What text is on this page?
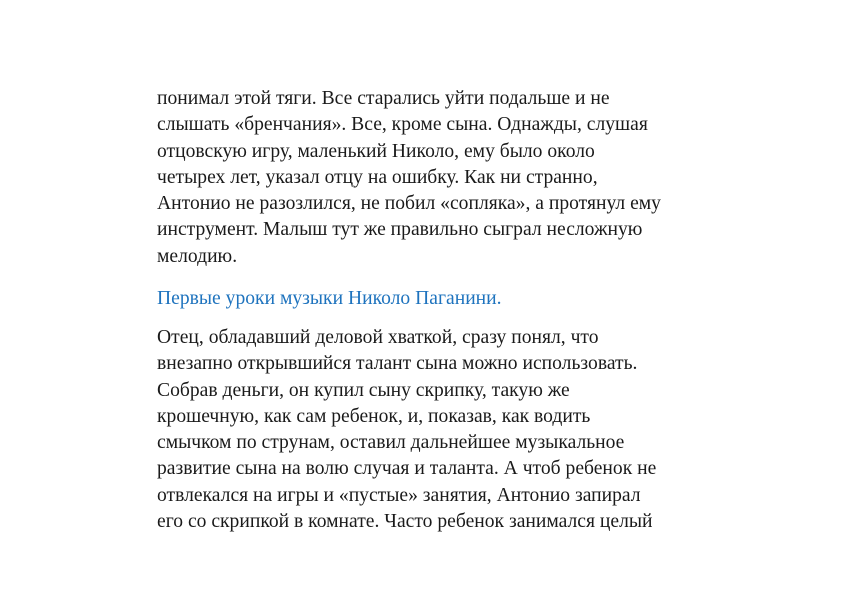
понимал этой тяги. Все старались уйти подальше и не
слышать «бренчания». Все, кроме сына. Однажды, слушая
отцовскую игру, маленький Николо, ему было около
четырех лет, указал отцу на ошибку. Как ни странно,
Антонио не разозлился, не побил «сопляка», а протянул ему
инструмент. Малыш тут же правильно сыграл несложную
мелодию.
Первые уроки музыки Николо Паганини.
Отец, обладавший деловой хваткой, сразу понял, что
внезапно открывшийся талант сына можно использовать.
Собрав деньги, он купил сыну скрипку, такую же
крошечную, как сам ребенок, и, показав, как водить
смычком по струнам, оставил дальнейшее музыкальное
развитие сына на волю случая и таланта. А чтоб ребенок не
отвлекался на игры и «пустые» занятия, Антонио запирал
его со скрипкой в комнате. Часто ребенок занимался целый
